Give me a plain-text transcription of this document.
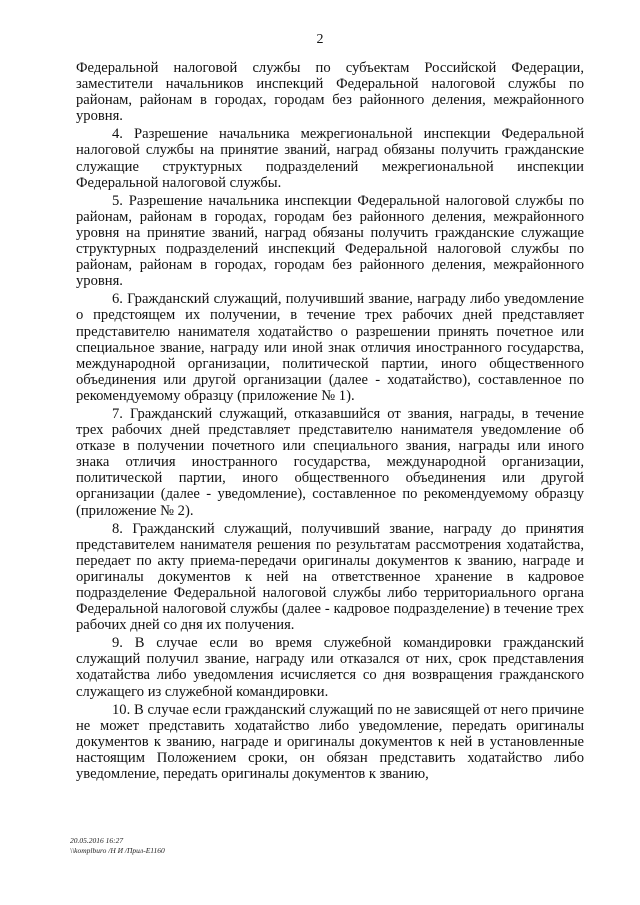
2

Федеральной налоговой службы по субъектам Российской Федерации, заместители начальников инспекций Федеральной налоговой службы по районам, районам в городах, городам без районного деления, межрайонного уровня.

4. Разрешение начальника межрегиональной инспекции Федеральной налоговой службы на принятие званий, наград обязаны получить гражданские служащие структурных подразделений межрегиональной инспекции Федеральной налоговой службы.

5. Разрешение начальника инспекции Федеральной налоговой службы по районам, районам в городах, городам без районного деления, межрайонного уровня на принятие званий, наград обязаны получить гражданские служащие структурных подразделений инспекций Федеральной налоговой службы по районам, районам в городах, городам без районного деления, межрайонного уровня.

6. Гражданский служащий, получивший звание, награду либо уведомление о предстоящем их получении, в течение трех рабочих дней представляет представителю нанимателя ходатайство о разрешении принять почетное или специальное звание, награду или иной знак отличия иностранного государства, международной организации, политической партии, иного общественного объединения или другой организации (далее - ходатайство), составленное по рекомендуемому образцу (приложение № 1).

7. Гражданский служащий, отказавшийся от звания, награды, в течение трех рабочих дней представляет представителю нанимателя уведомление об отказе в получении почетного или специального звания, награды или иного знака отличия иностранного государства, международной организации, политической партии, иного общественного объединения или другой организации (далее - уведомление), составленное по рекомендуемому образцу (приложение № 2).

8. Гражданский служащий, получивший звание, награду до принятия представителем нанимателя решения по результатам рассмотрения ходатайства, передает по акту приема-передачи оригиналы документов к званию, награде и оригиналы документов к ней на ответственное хранение в кадровое подразделение Федеральной налоговой службы либо территориального органа Федеральной налоговой службы (далее - кадровое подразделение) в течение трех рабочих дней со дня их получения.

9. В случае если во время служебной командировки гражданский служащий получил звание, награду или отказался от них, срок представления ходатайства либо уведомления исчисляется со дня возвращения гражданского служащего из служебной командировки.

10. В случае если гражданский служащий по не зависящей от него причине не может представить ходатайство либо уведомление, передать оригиналы документов к званию, награде и оригиналы документов к ней в установленные настоящим Положением сроки, он обязан представить ходатайство либо уведомление, передать оригиналы документов к званию,

20.05.2016 16:27
\\komplburo /Н И /Прил-Е1160
